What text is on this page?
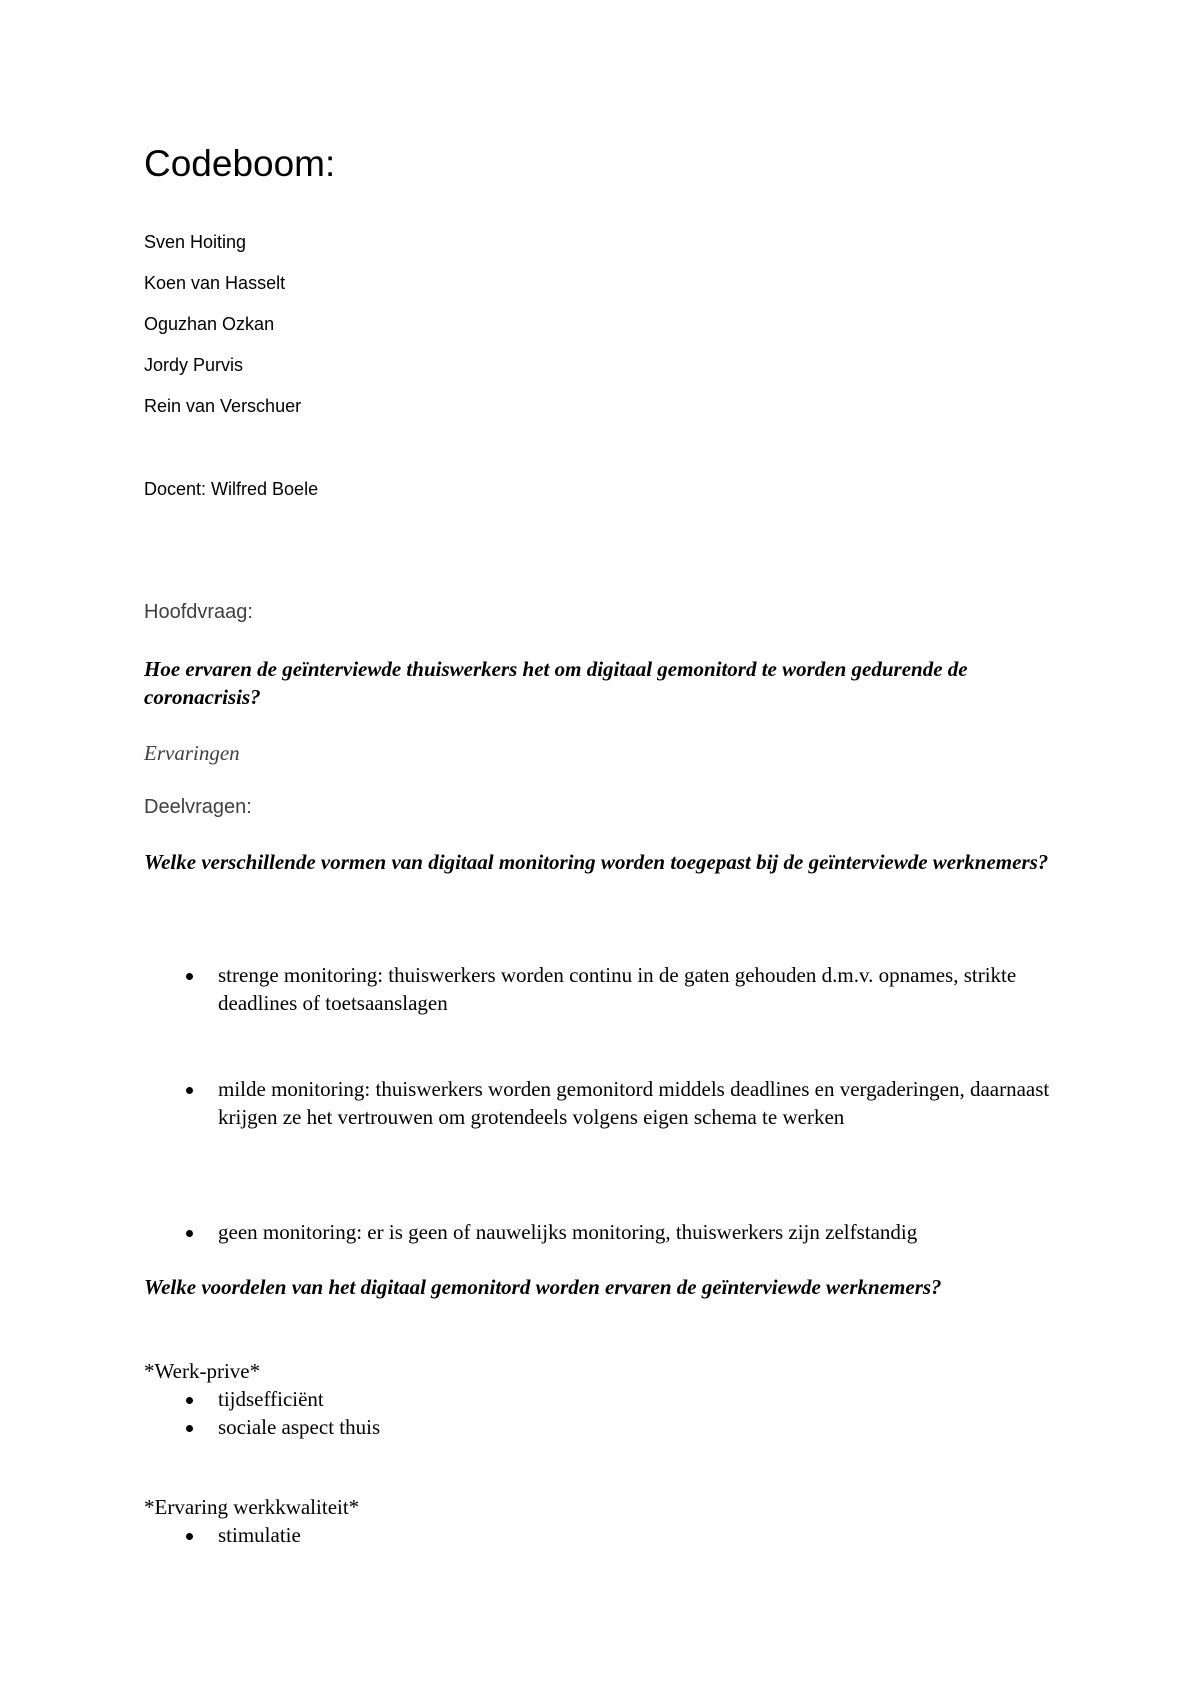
Codeboom:

Sven Hoiting

Koen van Hasselt

Oguzhan Ozkan

Jordy Purvis

Rein van Verschuer

Docent: Wilfred Boele

Hoofdvraag:

Hoe ervaren de geïnterviewde thuiswerkers het om digitaal gemonitord te worden gedurende de coronacrisis?

Ervaringen

Deelvragen:

Welke verschillende vormen van digitaal monitoring worden toegepast bij de geïnterviewde werknemers?

strenge monitoring: thuiswerkers worden continu in de gaten gehouden d.m.v. opnames, strikte deadlines of toetsaanslagen
milde monitoring: thuiswerkers worden gemonitord middels deadlines en vergaderingen, daarnaast krijgen ze het vertrouwen om grotendeels volgens eigen schema te werken
geen monitoring: er is geen of nauwelijks monitoring, thuiswerkers zijn zelfstandig

Welke voordelen van het digitaal gemonitord worden ervaren de geïnterviewde werknemers?

*Werk-prive*

tijdsefficiënt
sociale aspect thuis

*Ervaring werkkwaliteit*

stimulatie
